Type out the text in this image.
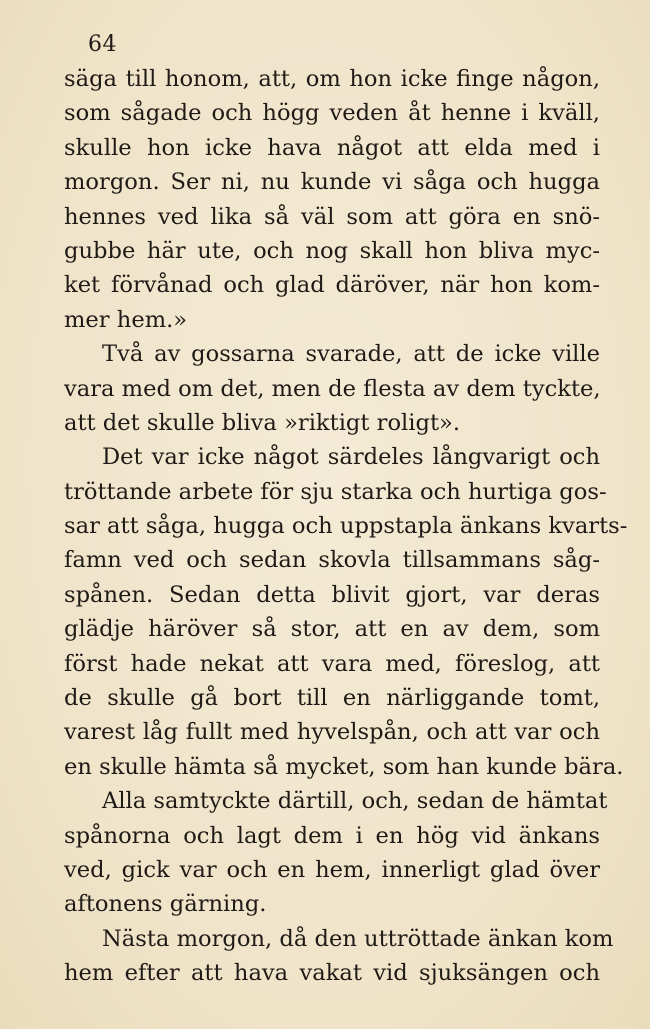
64
säga till honom, att, om hon icke finge någon,
som sågade och högg veden åt henne i kväll,
skulle hon icke hava något att elda med i
morgon. Ser ni, nu kunde vi såga och hugga
hennes ved lika så väl som att göra en snö-
gubbe här ute, och nog skall hon bliva myc-
ket förvånad och glad däröver, när hon kom-
mer hem.»
Två av gossarna svarade, att de icke ville
vara med om det, men de flesta av dem tyckte,
att det skulle bliva »riktigt roligt».
Det var icke något särdeles långvarigt och
tröttande arbete för sju starka och hurtiga gos-
sar att såga, hugga och uppstapla änkans kvarts-
famn ved och sedan skovla tillsammans såg-
spånen. Sedan detta blivit gjort, var deras
glädje häröver så stor, att en av dem, som
först hade nekat att vara med, föreslog, att
de skulle gå bort till en närliggande tomt,
varest låg fullt med hyvelspån, och att var och
en skulle hämta så mycket, som han kunde bära.
Alla samtyckte därtill, och, sedan de hämtat
spånorna och lagt dem i en hög vid änkans
ved, gick var och en hem, innerligt glad över
aftonens gärning.
Nästa morgon, då den uttröttade änkan kom
hem efter att hava vakat vid sjuksängen och
